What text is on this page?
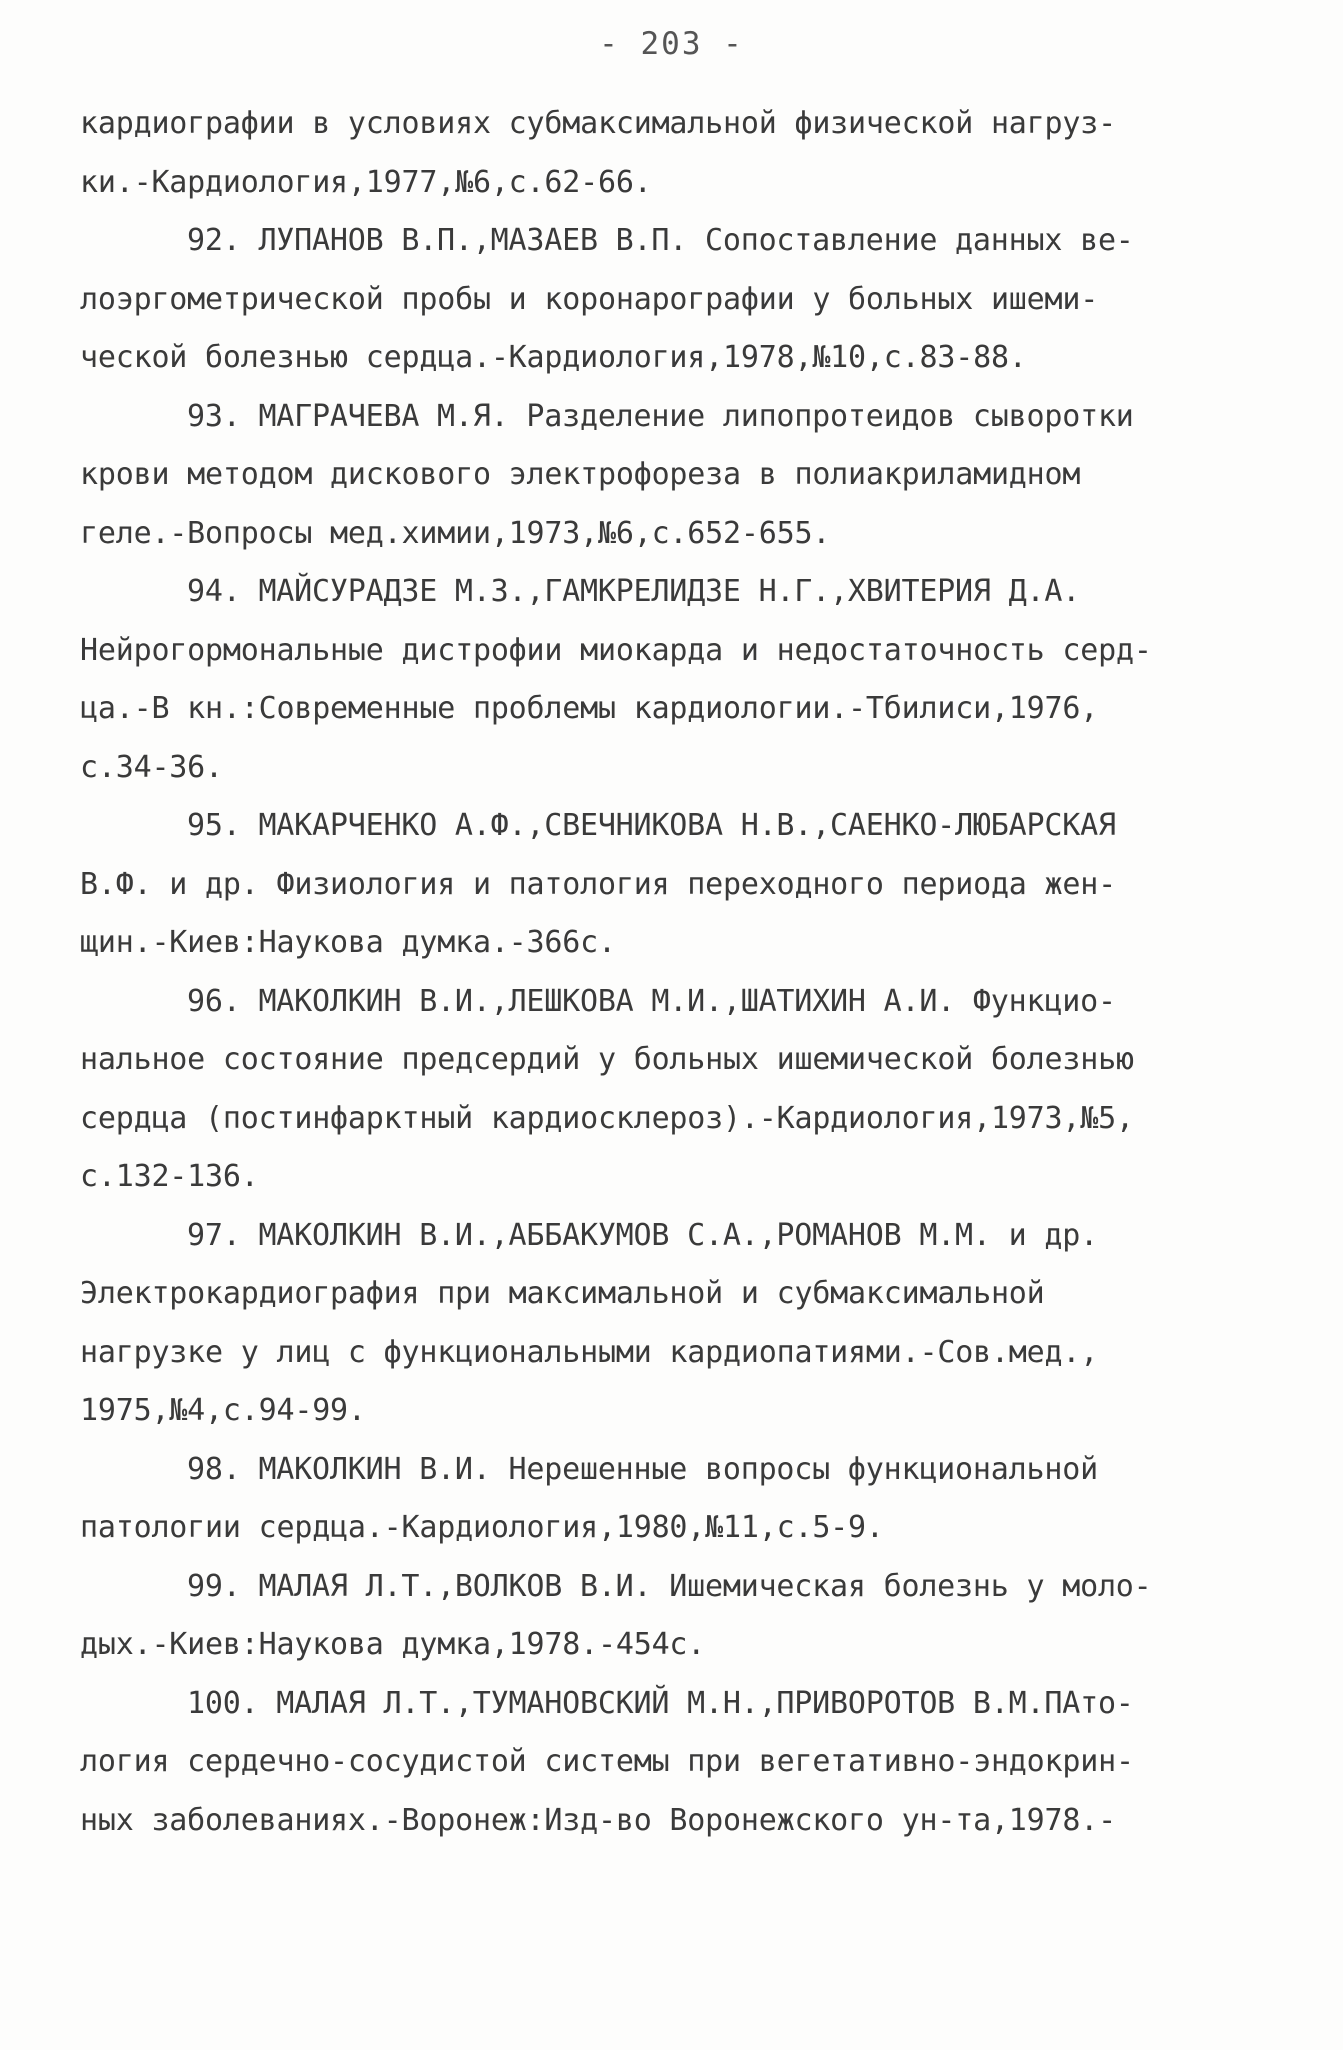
- 203 -
кардиографии в условиях субмаксимальной физической нагруз-
ки.-Кардиология,1977,№6,с.62-66.
92. ЛУПАНОВ В.П.,МАЗАЕВ В.П. Сопоставление данных ве-
лоэргометрической пробы и коронарографии у больных ишеми-
ческой болезнью сердца.-Кардиология,1978,№10,с.83-88.
93. МАГРАЧЕВА М.Я. Разделение липопротеидов сыворотки
крови методом дискового электрофореза в полиакриламидном
геле.-Вопросы мед.химии,1973,№6,с.652-655.
94. МАЙСУРАДЗЕ М.З.,ГАМКРЕЛИДЗЕ Н.Г.,ХВИТЕРИЯ Д.А.
Нейрогормональные дистрофии миокарда и недостаточность серд-
ца.-В кн.:Современные проблемы кардиологии.-Тбилиси,1976,
с.34-36.
95. МАКАРЧЕНКО А.Ф.,СВЕЧНИКОВА Н.В.,САЕНКО-ЛЮБАРСКАЯ
В.Ф. и др. Физиология и патология переходного периода жен-
щин.-Киев:Наукова думка.-366с.
96. МАКОЛКИН В.И.,ЛЕШКОВА М.И.,ШАТИХИН А.И. Функцио-
нальное состояние предсердий у больных ишемической болезнью
сердца (постинфарктный кардиосклероз).-Кардиология,1973,№5,
с.132-136.
97. МАКОЛКИН В.И.,АББАКУМОВ С.А.,РОМАНОВ М.М. и др.
Электрокардиография при максимальной и субмаксимальной
нагрузке у лиц с функциональными кардиопатиями.-Сов.мед.,
1975,№4,с.94-99.
98. МАКОЛКИН В.И. Нерешенные вопросы функциональной
патологии сердца.-Кардиология,1980,№11,с.5-9.
99. МАЛАЯ Л.Т.,ВОЛКОВ В.И. Ишемическая болезнь у моло-
дых.-Киев:Наукова думка,1978.-454с.
100. МАЛАЯ Л.Т.,ТУМАНОВСКИЙ М.Н.,ПРИВОРОТОВ В.М.ПАто-
логия сердечно-сосудистой системы при вегетативно-эндокрин-
ных заболеваниях.-Воронеж:Изд-во Воронежского ун-та,1978.-
